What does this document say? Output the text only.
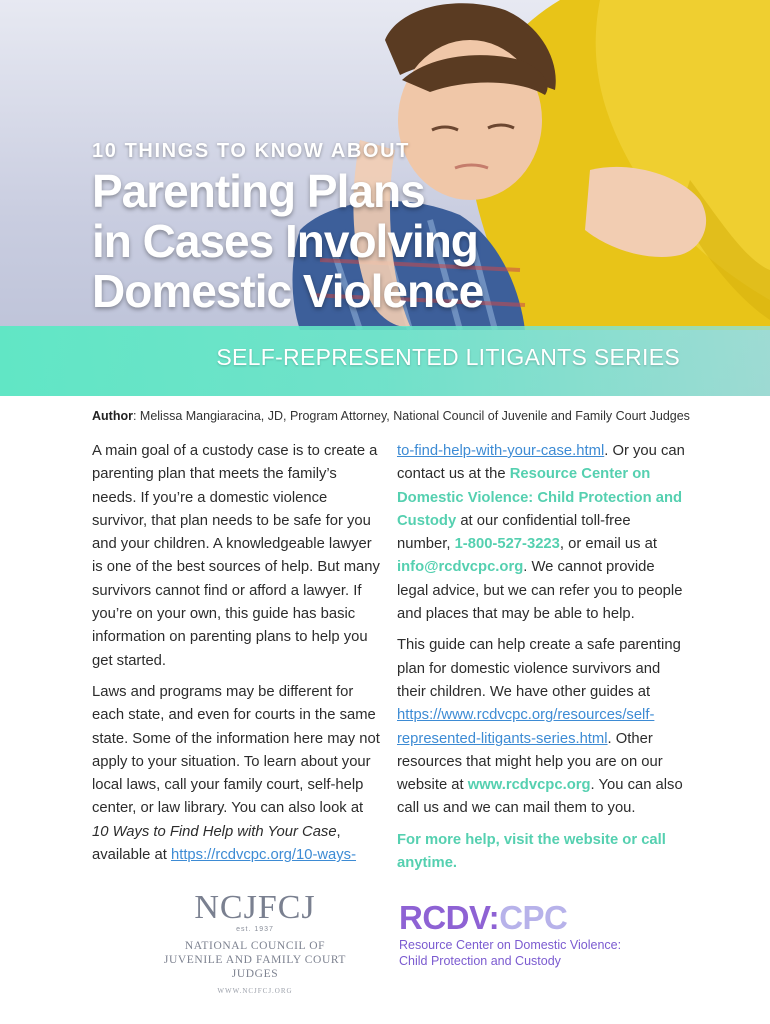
10 THINGS TO KNOW ABOUT

Parenting Plans
in Cases Involving
Domestic Violence

SELF-REPRESENTED LITIGANTS SERIES

Author: Melissa Mangiaracina, JD, Program Attorney, National Council of Juvenile and Family Court Judges

A main goal of a custody case is to create a parenting plan that meets the family’s needs. If you’re a domestic violence survivor, that plan needs to be safe for you and your children. A knowledgeable lawyer is one of the best sources of help. But many survivors cannot find or afford a lawyer. If you’re on your own, this guide has basic information on parenting plans to help you get started.

Laws and programs may be different for each state, and even for courts in the same state. Some of the information here may not apply to your situation. To learn about your local laws, call your family court, self-help center, or law library. You can also look at 10 Ways to Find Help with Your Case, available at https://rcdvcpc.org/10-ways-

to-find-help-with-your-case.html. Or you can contact us at the Resource Center on Domestic Violence: Child Protection and Custody at our confidential toll-free number, 1-800-527-3223, or email us at info@rcdvcpc.org. We cannot provide legal advice, but we can refer you to people and places that may be able to help.

This guide can help create a safe parenting plan for domestic violence survivors and their children. We have other guides at https://www.rcdvcpc.org/resources/self-represented-litigants-series.html. Other resources that might help you are on our website at www.rcdvcpc.org. You can also call us and we can mail them to you.

For more help, visit the website or call anytime.

NCJFCJ
est. 1937
NATIONAL COUNCIL OF
JUVENILE AND FAMILY COURT JUDGES
WWW.NCJFCJ.ORG
RCDV:CPC
Resource Center on Domestic Violence:
Child Protection and Custody
